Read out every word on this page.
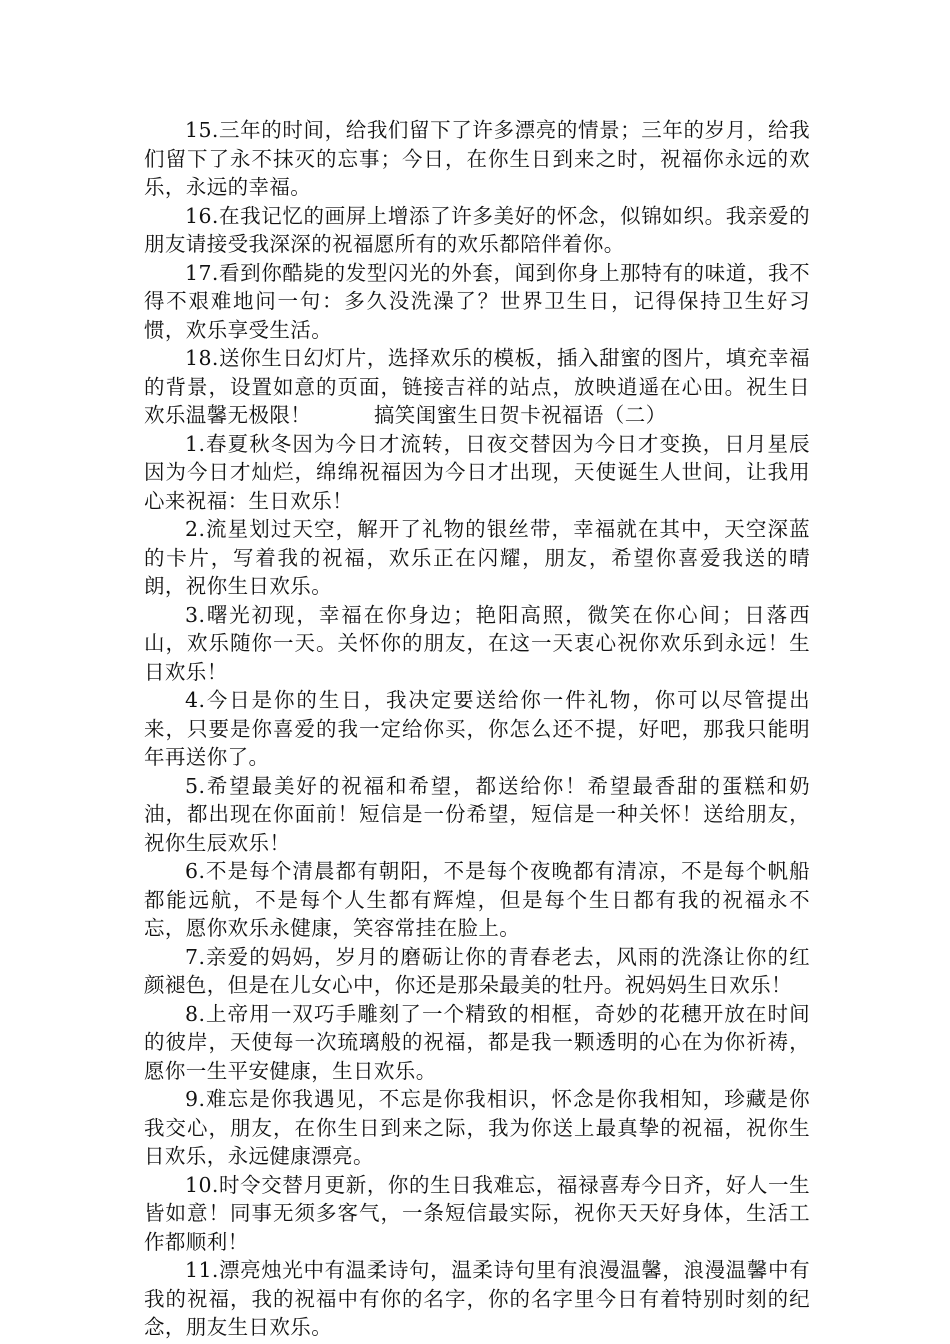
15.三年的时间，给我们留下了许多漂亮的情景；三年的岁月，给我们留下了永不抹灭的忘事；今日，在你生日到来之时，祝福你永远的欢乐，永远的幸福。

16.在我记忆的画屏上增添了许多美好的怀念，似锦如织。我亲爱的朋友请接受我深深的祝福愿所有的欢乐都陪伴着你。

17.看到你酷毙的发型闪光的外套，闻到你身上那特有的味道，我不得不艰难地问一句：多久没洗澡了？世界卫生日，记得保持卫生好习惯，欢乐享受生活。

18.送你生日幻灯片，选择欢乐的模板，插入甜蜜的图片，填充幸福的背景，设置如意的页面，链接吉祥的站点，放映逍遥在心田。祝生日欢乐温馨无极限！　　　搞笑闺蜜生日贺卡祝福语（二）

1.春夏秋冬因为今日才流转，日夜交替因为今日才变换，日月星辰因为今日才灿烂，绵绵祝福因为今日才出现，天使诞生人世间，让我用心来祝福：生日欢乐！

2.流星划过天空，解开了礼物的银丝带，幸福就在其中，天空深蓝的卡片，写着我的祝福，欢乐正在闪耀，朋友，希望你喜爱我送的晴朗，祝你生日欢乐。

3.曙光初现，幸福在你身边；艳阳高照，微笑在你心间；日落西山，欢乐随你一天。关怀你的朋友，在这一天衷心祝你欢乐到永远！生日欢乐！

4.今日是你的生日，我决定要送给你一件礼物，你可以尽管提出来，只要是你喜爱的我一定给你买，你怎么还不提，好吧，那我只能明年再送你了。

5.希望最美好的祝福和希望，都送给你！希望最香甜的蛋糕和奶油，都出现在你面前！短信是一份希望，短信是一种关怀！送给朋友，祝你生辰欢乐！

6.不是每个清晨都有朝阳，不是每个夜晚都有清凉，不是每个帆船都能远航，不是每个人生都有辉煌，但是每个生日都有我的祝福永不忘，愿你欢乐永健康，笑容常挂在脸上。

7.亲爱的妈妈，岁月的磨砺让你的青春老去，风雨的洗涤让你的红颜褪色，但是在儿女心中，你还是那朵最美的牡丹。祝妈妈生日欢乐！

8.上帝用一双巧手雕刻了一个精致的相框，奇妙的花穗开放在时间的彼岸，天使每一次琉璃般的祝福，都是我一颗透明的心在为你祈祷，愿你一生平安健康，生日欢乐。

9.难忘是你我遇见，不忘是你我相识，怀念是你我相知，珍藏是你我交心，朋友，在你生日到来之际，我为你送上最真挚的祝福，祝你生日欢乐，永远健康漂亮。

10.时令交替月更新，你的生日我难忘，福禄喜寿今日齐，好人一生皆如意！同事无须多客气，一条短信最实际，祝你天天好身体，生活工作都顺利！

11.漂亮烛光中有温柔诗句，温柔诗句里有浪漫温馨，浪漫温馨中有我的祝福，我的祝福中有你的名字，你的名字里今日有着特别时刻的纪念，朋友生日欢乐。
